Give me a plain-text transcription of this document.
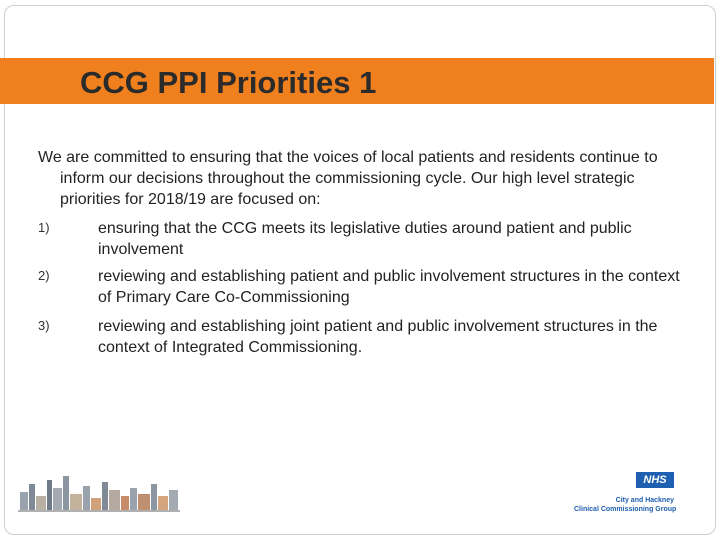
CCG PPI Priorities 1
We are committed to ensuring that the voices of local patients and residents continue to inform our decisions throughout the commissioning cycle. Our high level strategic priorities for 2018/19 are focused on:
1)	ensuring that the CCG meets its legislative duties around patient and public involvement
2)	reviewing and establishing patient and public involvement structures in the context of Primary Care Co-Commissioning
3)	reviewing and establishing joint patient and public involvement structures in the context of Integrated Commissioning.
NHS
City and Hackney
Clinical Commissioning Group
